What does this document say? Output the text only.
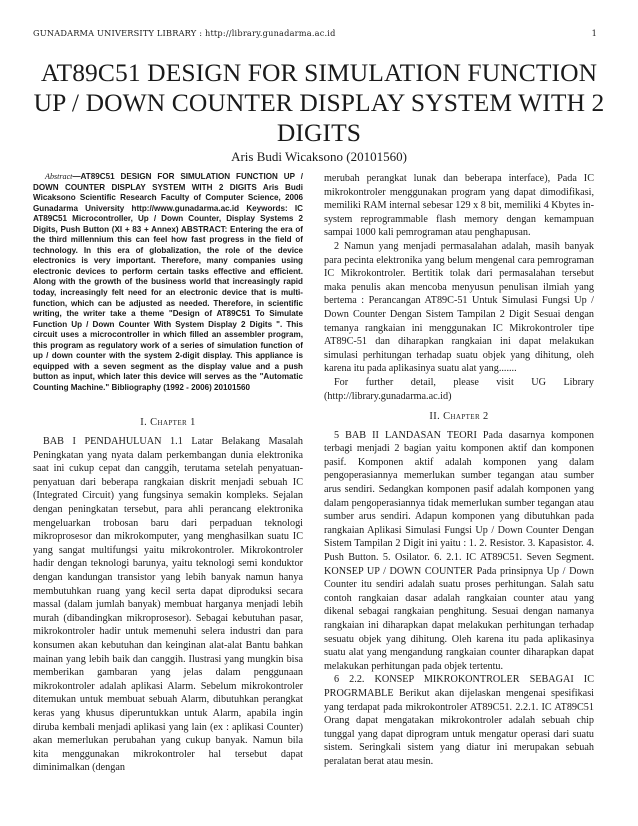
GUNADARMA UNIVERSITY LIBRARY : http://library.gunadarma.ac.id	1
AT89C51 DESIGN FOR SIMULATION FUNCTION UP / DOWN COUNTER DISPLAY SYSTEM WITH 2 DIGITS
Aris Budi Wicaksono (20101560)

Abstract—AT89C51 DESIGN FOR SIMULATION FUNCTION UP / DOWN COUNTER DISPLAY SYSTEM WITH 2 DIGITS Aris Budi Wicaksono Scientific Research Faculty of Computer Science, 2006 Gunadarma University http://www.gunadarma.ac.id Keywords: IC AT89C51 Microcontroller, Up / Down Counter, Display Systems 2 Digits, Push Button (XI + 83 + Annex) ABSTRACT: Entering the era of the third millennium this can feel how fast progress in the field of technology. In this era of globalization, the role of the device electronics is very important. Therefore, many companies using electronic devices to perform certain tasks effective and efficient. Along with the growth of the business world that increasingly rapid today, increasingly felt need for an electronic device that is multi- function, which can be adjusted as needed. Therefore, in scientific writing, the writer take a theme "Design of AT89C51 To Simulate Function Up / Down Counter With System Display 2 Digits ". This circuit uses a microcontroller in which filled an assembler program, this program as regulatory work of a series of simulation function of up / down counter with the system 2-digit display. This appliance is equipped with a seven segment as the display value and a push button as input, which later this device will serves as the "Automatic Counting Machine." Bibliography (1992 - 2006) 20101560

I. Chapter 1

BAB I PENDAHULUAN 1.1 Latar Belakang Masalah Peningkatan yang nyata dalam perkembangan dunia elektronika saat ini cukup cepat dan canggih, terutama setelah penyatuan-penyatuan dari beberapa rangkaian diskrit menjadi sebuah IC (Integrated Circuit) yang fungsinya semakin kompleks. Sejalan dengan peningkatan tersebut, para ahli perancang elektronika mengeluarkan trobosan baru dari perpaduan teknologi mikroprosesor dan mikrokomputer, yang menghasilkan suatu IC yang sangat multifungsi yaitu mikrokontroler. Mikrokontroler hadir dengan teknologi barunya, yaitu teknologi semi konduktor dengan kandungan transistor yang lebih banyak namun hanya membutuhkan ruang yang kecil serta dapat diproduksi secara massal (dalam jumlah banyak) membuat harganya menjadi lebih murah (dibandingkan mikroprosesor). Sebagai kebutuhan pasar, mikrokontroler hadir untuk memenuhi selera industri dan para konsumen akan kebutuhan dan keinginan alat-alat Bantu bahkan mainan yang lebih baik dan canggih. Ilustrasi yang mungkin bisa memberikan gambaran yang jelas dalam penggunaan mikrokontroler adalah aplikasi Alarm. Sebelum mikrokontroler ditemukan untuk membuat sebuah Alarm, dibutuhkan perangkat keras yang khusus diperuntukkan untuk Alarm, apabila ingin diruba kembali menjadi aplikasi yang lain (ex : aplikasi Counter) akan memerlukan perubahan yang cukup banyak. Namun bila kita menggunakan mikrokontroler hal tersebut dapat diminimalkan (dengan

merubah perangkat lunak dan beberapa interface), Pada IC mikrokontroler menggunakan program yang dapat dimodifikasi, memiliki RAM internal sebesar 129 x 8 bit, memiliki 4 Kbytes in-system reprogrammable flash memory dengan kemampuan sampai 1000 kali pemrograman atau penghapusan.

2 Namun yang menjadi permasalahan adalah, masih banyak para pecinta elektronika yang belum mengenal cara pemrograman IC Mikrokontroler. Bertitik tolak dari permasalahan tersebut maka penulis akan mencoba menyusun penulisan ilmiah yang bertema : Perancangan AT89C-51 Untuk Simulasi Fungsi Up / Down Counter Dengan Sistem Tampilan 2 Digit Sesuai dengan temanya rangkaian ini menggunakan IC Mikrokontroler tipe AT89C-51 dan diharapkan rangkaian ini dapat melakukan simulasi perhitungan terhadap suatu objek yang dihitung, oleh karena itu pada aplikasinya suatu alat yang.......

For further detail, please visit UG Library (http://library.gunadarma.ac.id)

II. Chapter 2

5 BAB II LANDASAN TEORI Pada dasarnya komponen terbagi menjadi 2 bagian yaitu komponen aktif dan komponen pasif. Komponen aktif adalah komponen yang dalam pengoperasiannya memerlukan sumber tegangan atau sumber arus sendiri. Sedangkan komponen pasif adalah komponen yang dalam pengoperasiannya tidak memerlukan sumber tegangan atau sumber arus sendiri. Adapun komponen yang dibutuhkan pada rangkaian Aplikasi Simulasi Fungsi Up / Down Counter Dengan Sistem Tampilan 2 Digit ini yaitu : 1. 2. Resistor. 3. Kapasistor. 4. Push Button. 5. Osilator. 6. 2.1. IC AT89C51. Seven Segment. KONSEP UP / DOWN COUNTER Pada prinsipnya Up / Down Counter itu sendiri adalah suatu proses perhitungan. Salah satu contoh rangkaian dasar adalah rangkaian counter atau yang dikenal sebagai rangkaian penghitung. Sesuai dengan namanya rangkaian ini diharapkan dapat melakukan perhitungan terhadap sesuatu objek yang dihitung. Oleh karena itu pada aplikasinya suatu alat yang mengandung rangkaian counter diharapkan dapat melakukan perhitungan pada objek tertentu.

6 2.2. KONSEP MIKROKONTROLER SEBAGAI IC PROGRMABLE Berikut akan dijelaskan mengenai spesifikasi yang terdapat pada mikrokontroler AT89C51. 2.2.1. IC AT89C51 Orang dapat mengatakan mikrokontroler adalah sebuah chip tunggal yang dapat diprogram untuk mengatur operasi dari suatu sistem. Seringkali sistem yang diatur ini merupakan sebuah peralatan berat atau mesin.
